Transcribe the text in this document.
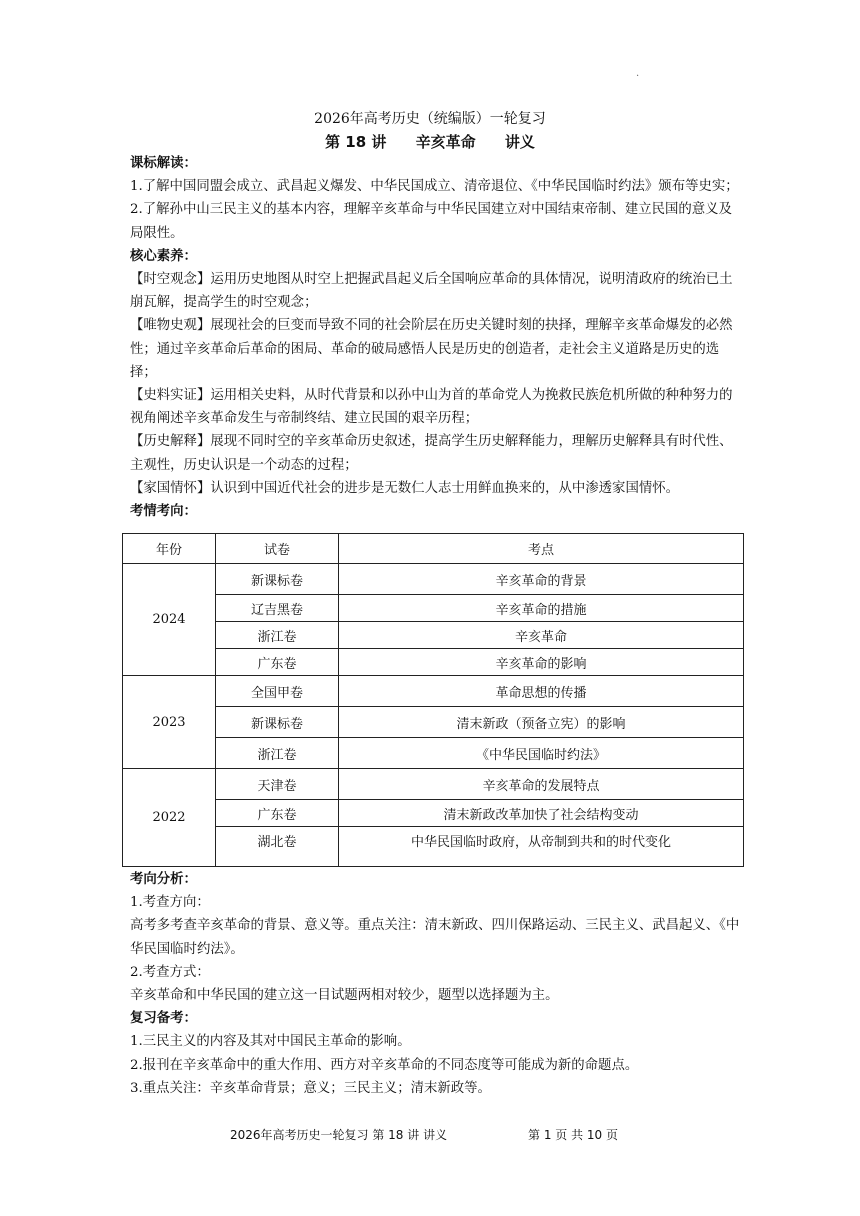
.
2026年高考历史（统编版）一轮复习
第 18 讲 辛亥革命 讲义

课标解读：

1.了解中国同盟会成立、武昌起义爆发、中华民国成立、清帝退位、《中华民国临时约法》颁布等史实；

2.了解孙中山三民主义的基本内容，理解辛亥革命与中华民国建立对中国结束帝制、建立民国的意义及局限性。

核心素养：

【时空观念】运用历史地图从时空上把握武昌起义后全国响应革命的具体情况，说明清政府的统治已土崩瓦解，提高学生的时空观念；

【唯物史观】展现社会的巨变而导致不同的社会阶层在历史关键时刻的抉择，理解辛亥革命爆发的必然性；通过辛亥革命后革命的困局、革命的破局感悟人民是历史的创造者，走社会主义道路是历史的选择；

【史料实证】运用相关史料，从时代背景和以孙中山为首的革命党人为挽救民族危机所做的种种努力的视角阐述辛亥革命发生与帝制终结、建立民国的艰辛历程；

【历史解释】展现不同时空的辛亥革命历史叙述，提高学生历史解释能力，理解历史解释具有时代性、主观性，历史认识是一个动态的过程；

【家国情怀】认识到中国近代社会的进步是无数仁人志士用鲜血换来的，从中渗透家国情怀。

考情考向：

年份	试卷	考点
2024	新课标卷	辛亥革命的背景
	辽吉黑卷	辛亥革命的措施
	浙江卷	辛亥革命
	广东卷	辛亥革命的影响
2023	全国甲卷	革命思想的传播
	新课标卷	清末新政（预备立宪）的影响
	浙江卷	《中华民国临时约法》
2022	天津卷	辛亥革命的发展特点
	广东卷	清末新政改革加快了社会结构变动
	湖北卷	中华民国临时政府，从帝制到共和的时代变化

考向分析：

1.考查方向：

高考多考查辛亥革命的背景、意义等。重点关注：清末新政、四川保路运动、三民主义、武昌起义、《中华民国临时约法》。

2.考查方式：

辛亥革命和中华民国的建立这一目试题两相对较少，题型以选择题为主。

复习备考：

1.三民主义的内容及其对中国民主革命的影响。

2.报刊在辛亥革命中的重大作用、西方对辛亥革命的不同态度等可能成为新的命题点。

3.重点关注：辛亥革命背景；意义；三民主义；清末新政等。

2026年高考历史一轮复习 第 18 讲 讲义	第 1 页 共 10 页
